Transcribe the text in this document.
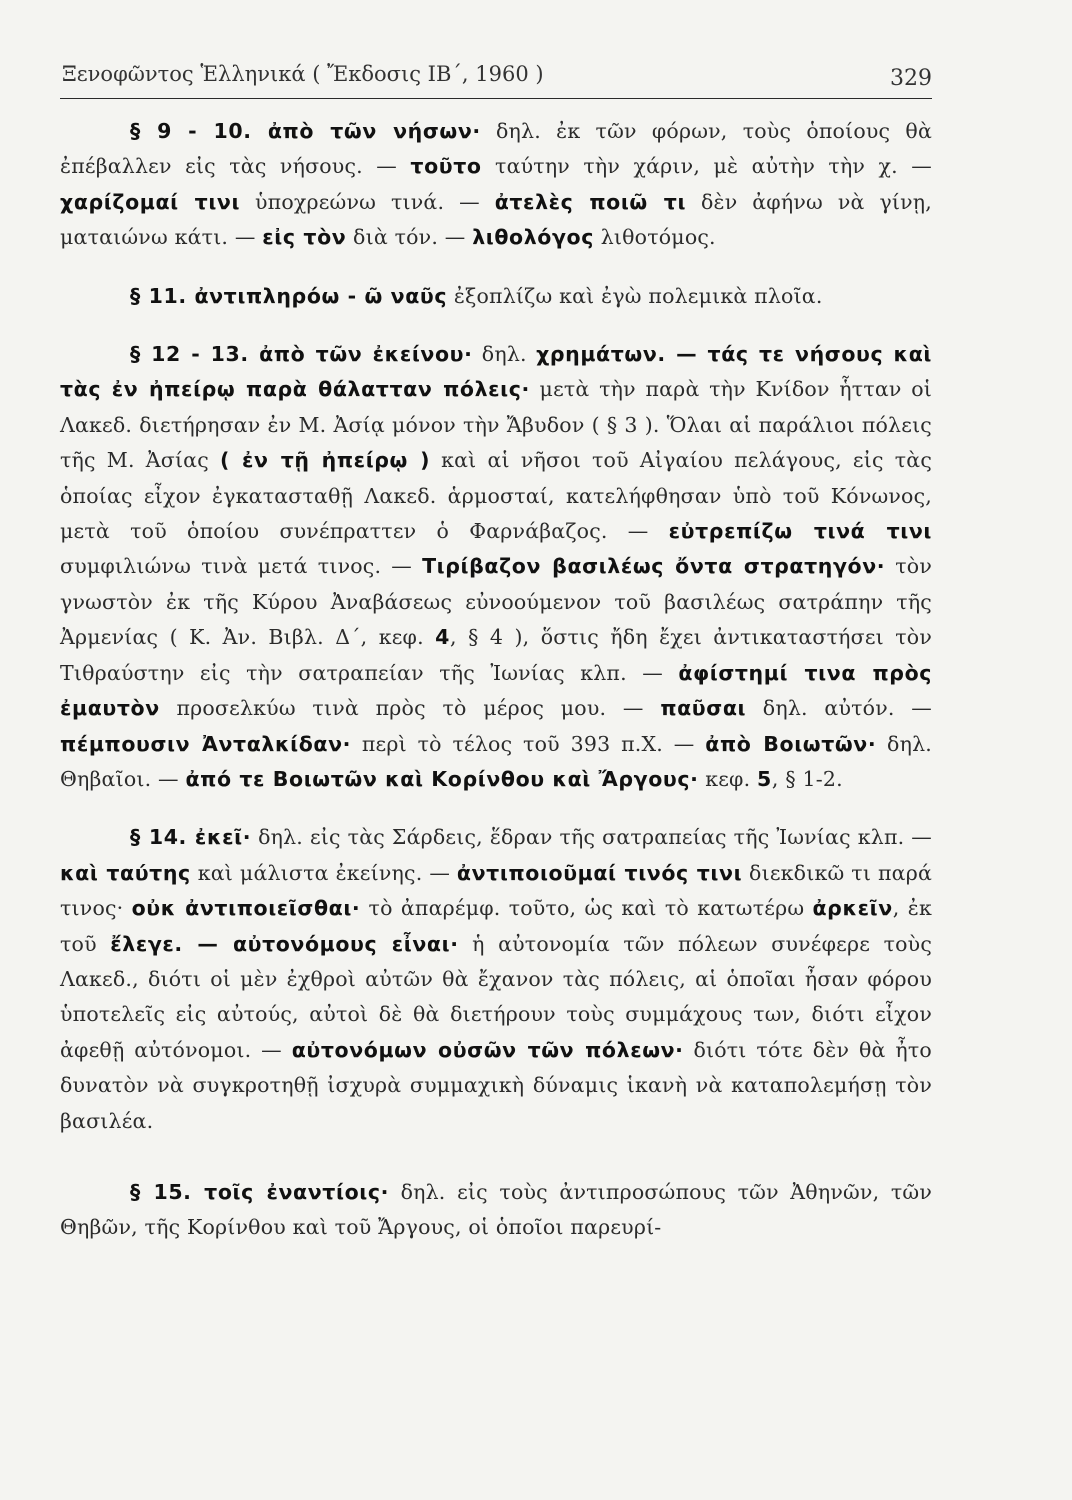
Ξενοφῶντος Ἑλληνικά ( Ἔκδοσις ΙΒ΄, 1960 )	329

§ 9 - 10. ἀπὸ τῶν νήσων· δηλ. ἐκ τῶν φόρων, τοὺς ὁποίους θὰ ἐπέβαλλεν εἰς τὰς νήσους. — τοῦτο ταύτην τὴν χάριν, μὲ αὐτὴν τὴν χ. — χαρίζομαί τινι ὑποχρεώνω τινά. — ἀτελὲς ποιῶ τι δὲν ἀφήνω νὰ γίνῃ, ματαιώνω κάτι. — εἰς τὸν διὰ τόν. — λιθολόγος λιθοτόμος.

§ 11. ἀντιπληρόω - ῶ ναῦς ἐξοπλίζω καὶ ἐγὼ πολεμικὰ πλοῖα.

§ 12 - 13. ἀπὸ τῶν ἐκείνου· δηλ. χρημάτων. — τάς τε νήσους καὶ τὰς ἐν ἠπείρῳ παρὰ θάλατταν πόλεις· μετὰ τὴν παρὰ τὴν Κνίδον ἧτταν οἱ Λακεδ. διετήρησαν ἐν Μ. Ἀσίᾳ μόνον τὴν Ἄβυδον ( § 3 ). Ὅλαι αἱ παράλιοι πόλεις τῆς Μ. Ἀσίας ( ἐν τῇ ἠπείρῳ ) καὶ αἱ νῆσοι τοῦ Αἰγαίου πελάγους, εἰς τὰς ὁποίας εἶχον ἐγκατασταθῇ Λακεδ. ἁρμοσταί, κατελήφθησαν ὑπὸ τοῦ Κόνωνος, μετὰ τοῦ ὁποίου συνέπραττεν ὁ Φαρνάβαζος. — εὐτρεπίζω τινά τινι συμφιλιώνω τινὰ μετά τινος. — Τιρίβαζον βασιλέως ὄντα στρατηγόν· τὸν γνωστὸν ἐκ τῆς Κύρου Ἀναβάσεως εὐνοούμενον τοῦ βασιλέως σατράπην τῆς Ἀρμενίας ( Κ. Ἀν. Βιβλ. Δ΄, κεφ. 4, § 4 ), ὅστις ἤδη ἔχει ἀντικαταστήσει τὸν Τιθραύστην εἰς τὴν σατραπείαν τῆς Ἰωνίας κλπ. — ἀφίστημί τινα πρὸς ἐμαυτὸν προσελκύω τινὰ πρὸς τὸ μέρος μου. — παῦσαι δηλ. αὐτόν. — πέμπουσιν Ἀνταλκίδαν· περὶ τὸ τέλος τοῦ 393 π.Χ. — ἀπὸ Βοιωτῶν· δηλ. Θηβαῖοι. — ἀπό τε Βοιωτῶν καὶ Κορίνθου καὶ Ἄργους· κεφ. 5, § 1-2.

§ 14. ἐκεῖ· δηλ. εἰς τὰς Σάρδεις, ἕδραν τῆς σατραπείας τῆς Ἰωνίας κλπ. — καὶ ταύτης καὶ μάλιστα ἐκείνης. — ἀντιποιοῦμαί τινός τινι διεκδικῶ τι παρά τινος· οὐκ ἀντιποιεῖσθαι· τὸ ἀπαρέμφ. τοῦτο, ὡς καὶ τὸ κατωτέρω ἀρκεῖν, ἐκ τοῦ ἔλεγε. — αὐτονόμους εἶναι· ἡ αὐτονομία τῶν πόλεων συνέφερε τοὺς Λακεδ., διότι οἱ μὲν ἐχθροὶ αὐτῶν θὰ ἔχανον τὰς πόλεις, αἱ ὁποῖαι ἦσαν φόρου ὑποτελεῖς εἰς αὐτούς, αὐτοὶ δὲ θὰ διετήρουν τοὺς συμμάχους των, διότι εἶχον ἀφεθῇ αὐτόνομοι. — αὐτονόμων οὐσῶν τῶν πόλεων· διότι τότε δὲν θὰ ἦτο δυνατὸν νὰ συγκροτηθῇ ἰσχυρὰ συμμαχικὴ δύναμις ἱκανὴ νὰ καταπολεμήσῃ τὸν βασιλέα.

§ 15. τοῖς ἐναντίοις· δηλ. εἰς τοὺς ἀντιπροσώπους τῶν Ἀθηνῶν, τῶν Θηβῶν, τῆς Κορίνθου καὶ τοῦ Ἄργους, οἱ ὁποῖοι παρευρί-
